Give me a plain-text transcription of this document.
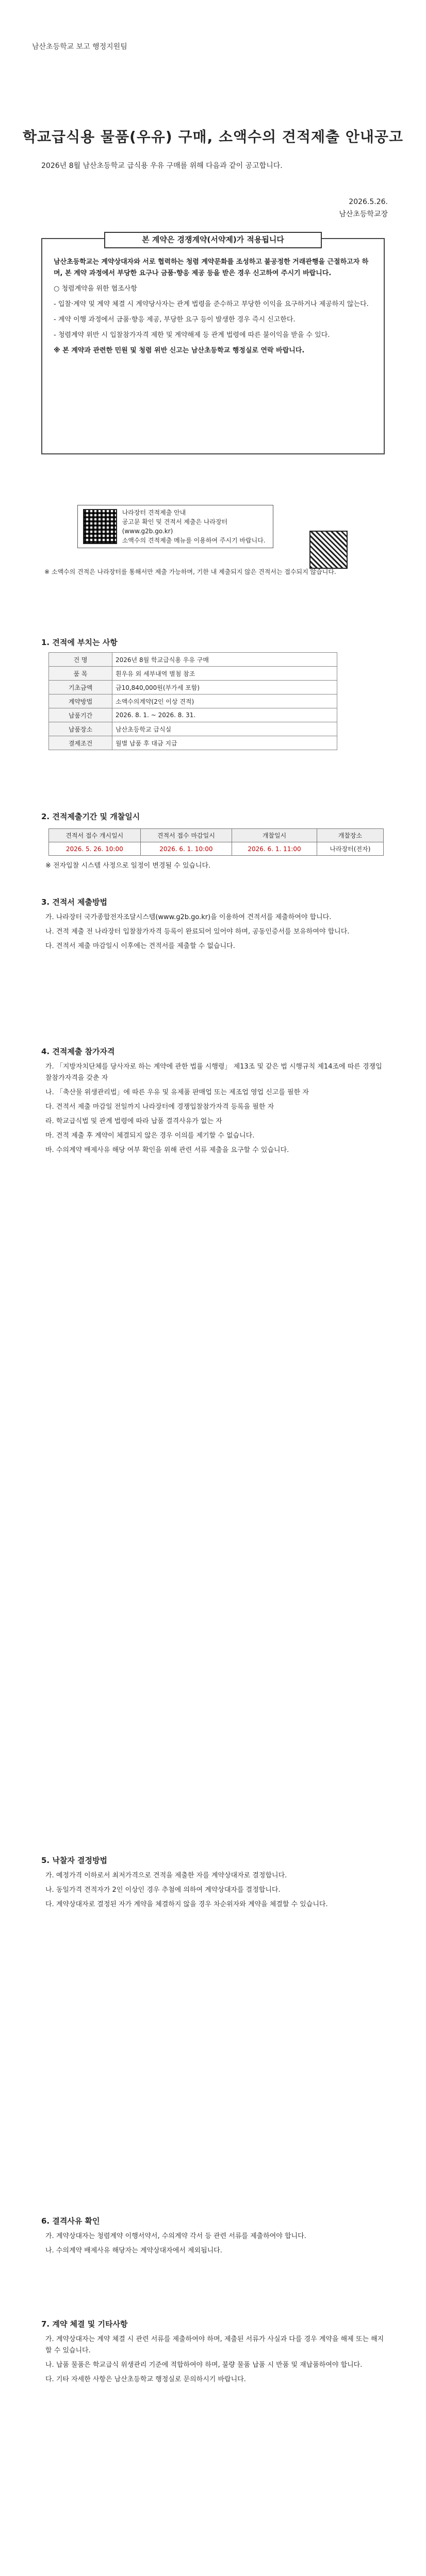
남산초등학교 보고 행정지원팀
학교급식용 물품(우유) 구매, 소액수의 견적제출 안내공고
2026년 8월 남산초등학교 급식용 우유 구매를 위해 다음과 같이 공고합니다.
2026.5.26.
남산초등학교장
본 계약은 경쟁계약(서약제)가 적용됩니다

남산초등학교는 계약상대자와 서로 협력하는 청렴 계약문화를 조성하고 불공정한 거래관행을 근절하고자 하며, 본 계약 과정에서 부당한 요구나 금품·향응 제공 등을 받은 경우 신고하여 주시기 바랍니다.

○ 청렴계약을 위한 협조사항

- 입찰·계약 및 계약 체결 시 계약당사자는 관계 법령을 준수하고 부당한 이익을 요구하거나 제공하지 않는다.

- 계약 이행 과정에서 금품·향응 제공, 부당한 요구 등이 발생한 경우 즉시 신고한다.

- 청렴계약 위반 시 입찰참가자격 제한 및 계약해제 등 관계 법령에 따른 불이익을 받을 수 있다.

※ 본 계약과 관련한 민원 및 청렴 위반 신고는 남산초등학교 행정실로 연락 바랍니다.

나라장터 견적제출 안내
공고문 확인 및 견적서 제출은 나라장터(www.g2b.go.kr)
소액수의 견적제출 메뉴를 이용하여 주시기 바랍니다.
※ 소액수의 견적은 나라장터를 통해서만 제출 가능하며, 기한 내 제출되지 않은 견적서는 접수되지 않습니다.
1. 견적에 부치는 사항
건 명	2026년 8월 학교급식용 우유 구매
품 목	흰우유 외 세부내역 별첨 참조
기초금액	금10,840,000원(부가세 포함)
계약방법	소액수의계약(2인 이상 견적)
납품기간	2026. 8. 1. ~ 2026. 8. 31.
납품장소	남산초등학교 급식실
결제조건	월별 납품 후 대금 지급
2. 견적제출기간 및 개찰일시
견적서 접수 개시일시	견적서 접수 마감일시	개찰일시	개찰장소
2026. 5. 26. 10:00	2026. 6. 1. 10:00	2026. 6. 1. 11:00	나라장터(전자)
※ 전자입찰 시스템 사정으로 일정이 변경될 수 있습니다.
3. 견적서 제출방법

가. 나라장터 국가종합전자조달시스템(www.g2b.go.kr)을 이용하여 견적서를 제출하여야 합니다.

나. 견적 제출 전 나라장터 입찰참가자격 등록이 완료되어 있어야 하며, 공동인증서를 보유하여야 합니다.

다. 견적서 제출 마감일시 이후에는 견적서를 제출할 수 없습니다.

4. 견적제출 참가자격

가. 「지방자치단체를 당사자로 하는 계약에 관한 법률 시행령」 제13조 및 같은 법 시행규칙 제14조에 따른 경쟁입찰참가자격을 갖춘 자

나. 「축산물 위생관리법」에 따른 우유 및 유제품 판매업 또는 제조업 영업 신고를 필한 자

다. 견적서 제출 마감일 전일까지 나라장터에 경쟁입찰참가자격 등록을 필한 자

라. 학교급식법 및 관계 법령에 따라 납품 결격사유가 없는 자

마. 견적 제출 후 계약이 체결되지 않은 경우 이의를 제기할 수 없습니다.

바. 수의계약 배제사유 해당 여부 확인을 위해 관련 서류 제출을 요구할 수 있습니다.

5. 낙찰자 결정방법

가. 예정가격 이하로서 최저가격으로 견적을 제출한 자를 계약상대자로 결정합니다.

나. 동일가격 견적자가 2인 이상인 경우 추첨에 의하여 계약상대자를 결정합니다.

다. 계약상대자로 결정된 자가 계약을 체결하지 않을 경우 차순위자와 계약을 체결할 수 있습니다.

6. 결격사유 확인

가. 계약상대자는 청렴계약 이행서약서, 수의계약 각서 등 관련 서류를 제출하여야 합니다.

나. 수의계약 배제사유 해당자는 계약상대자에서 제외됩니다.

7. 계약 체결 및 기타사항

가. 계약상대자는 계약 체결 시 관련 서류를 제출하여야 하며, 제출된 서류가 사실과 다를 경우 계약을 해제 또는 해지할 수 있습니다.

나. 납품 물품은 학교급식 위생관리 기준에 적합하여야 하며, 불량 물품 납품 시 반품 및 재납품하여야 합니다.

다. 기타 자세한 사항은 남산초등학교 행정실로 문의하시기 바랍니다.
